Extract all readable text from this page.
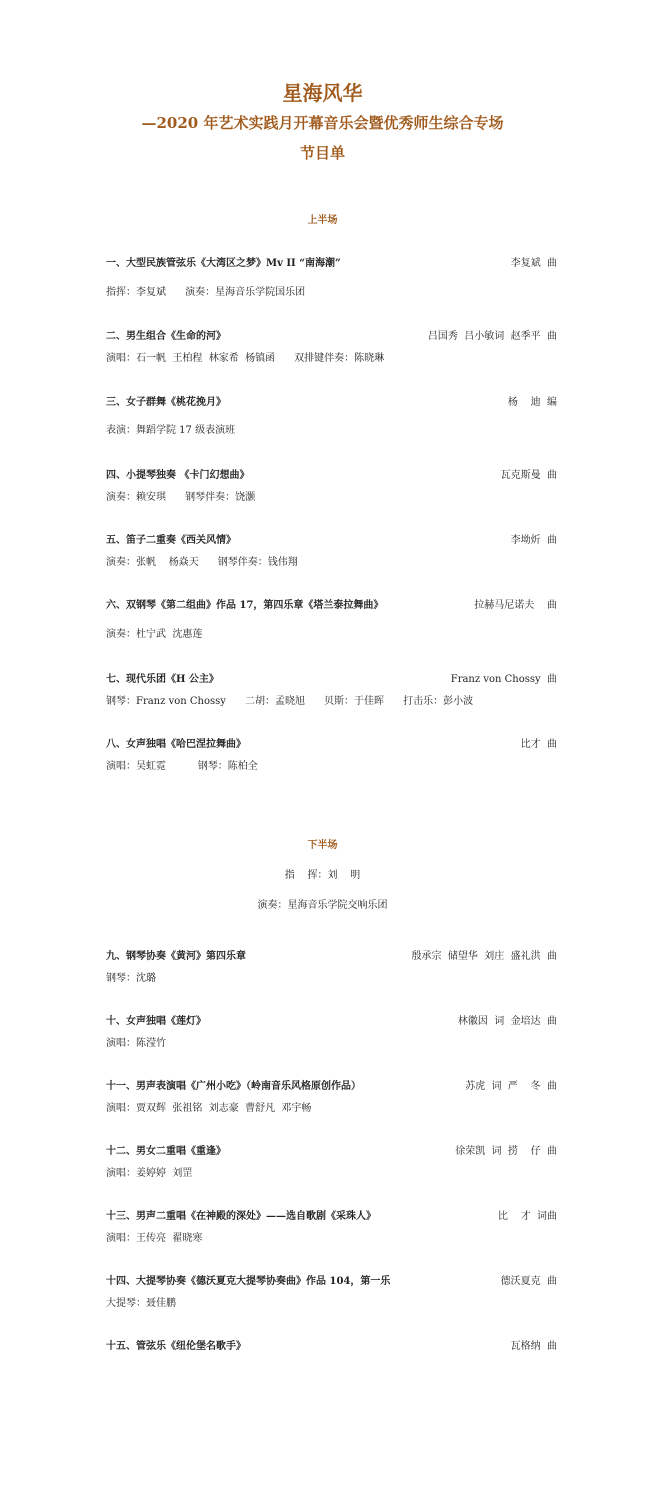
星海风华
—2020 年艺术实践月开幕音乐会暨优秀师生综合专场
节目单
上半场
一、大型民族管弦乐《大湾区之梦》Mv II “南海潮”	李复斌  曲
指挥：李复斌      演奏：星海音乐学院国乐团
二、男生组合《生命的河》	吕国秀  吕小敏词  赵季平  曲
演唱：石一帆  王柏程  林家希  杨镇函      双排键伴奏：陈晓琳
三、女子群舞《桃花挽月》	杨    迪  编
表演：舞蹈学院 17 级表演班
四、小提琴独奏 《卡门幻想曲》	瓦克斯曼  曲
演奏：赖安琪      钢琴伴奏：饶灏
五、笛子二重奏《西关风情》	李坳炘  曲
演奏：张帆    杨焱天      钢琴伴奏：钱伟翔
六、双钢琴《第二组曲》作品 17，第四乐章《塔兰泰拉舞曲》	拉赫马尼诺夫    曲
演奏：杜宁武  沈惠莲
七、现代乐团《H 公主》	Franz von Chossy  曲
钢琴：Franz von Chossy      二胡：孟晓旭      贝斯：于佳晖      打击乐：彭小波
八、女声独唱《哈巴涅拉舞曲》	比才  曲
演唱：吴虹霓          钢琴：陈柏全
下半场
指    挥：刘    明
演奏：星海音乐学院交响乐团
九、钢琴协奏《黄河》第四乐章	殷承宗  储望华  刘庄  盛礼洪  曲
钢琴：沈璐
十、女声独唱《莲灯》	林徽因  词  金培达  曲
演唱：陈滢竹
十一、男声表演唱《广州小吃》（岭南音乐风格原创作品）	苏虎  词  严    冬  曲
演唱：贾双辉  张祖铭  刘志豪  曹舒凡  邓宇畅
十二、男女二重唱《重逢》	徐荣凯  词  捞    仔  曲
演唱：姜婷婷  刘罡
十三、男声二重唱《在神殿的深处》——选自歌剧《采珠人》	比    才  词曲
演唱：王传亮  翟晓寒
十四、大提琴协奏《德沃夏克大提琴协奏曲》作品 104，第一乐	德沃夏克  曲
大提琴：聂佳鹏
十五、管弦乐《纽伦堡名歌手》	瓦格纳  曲
